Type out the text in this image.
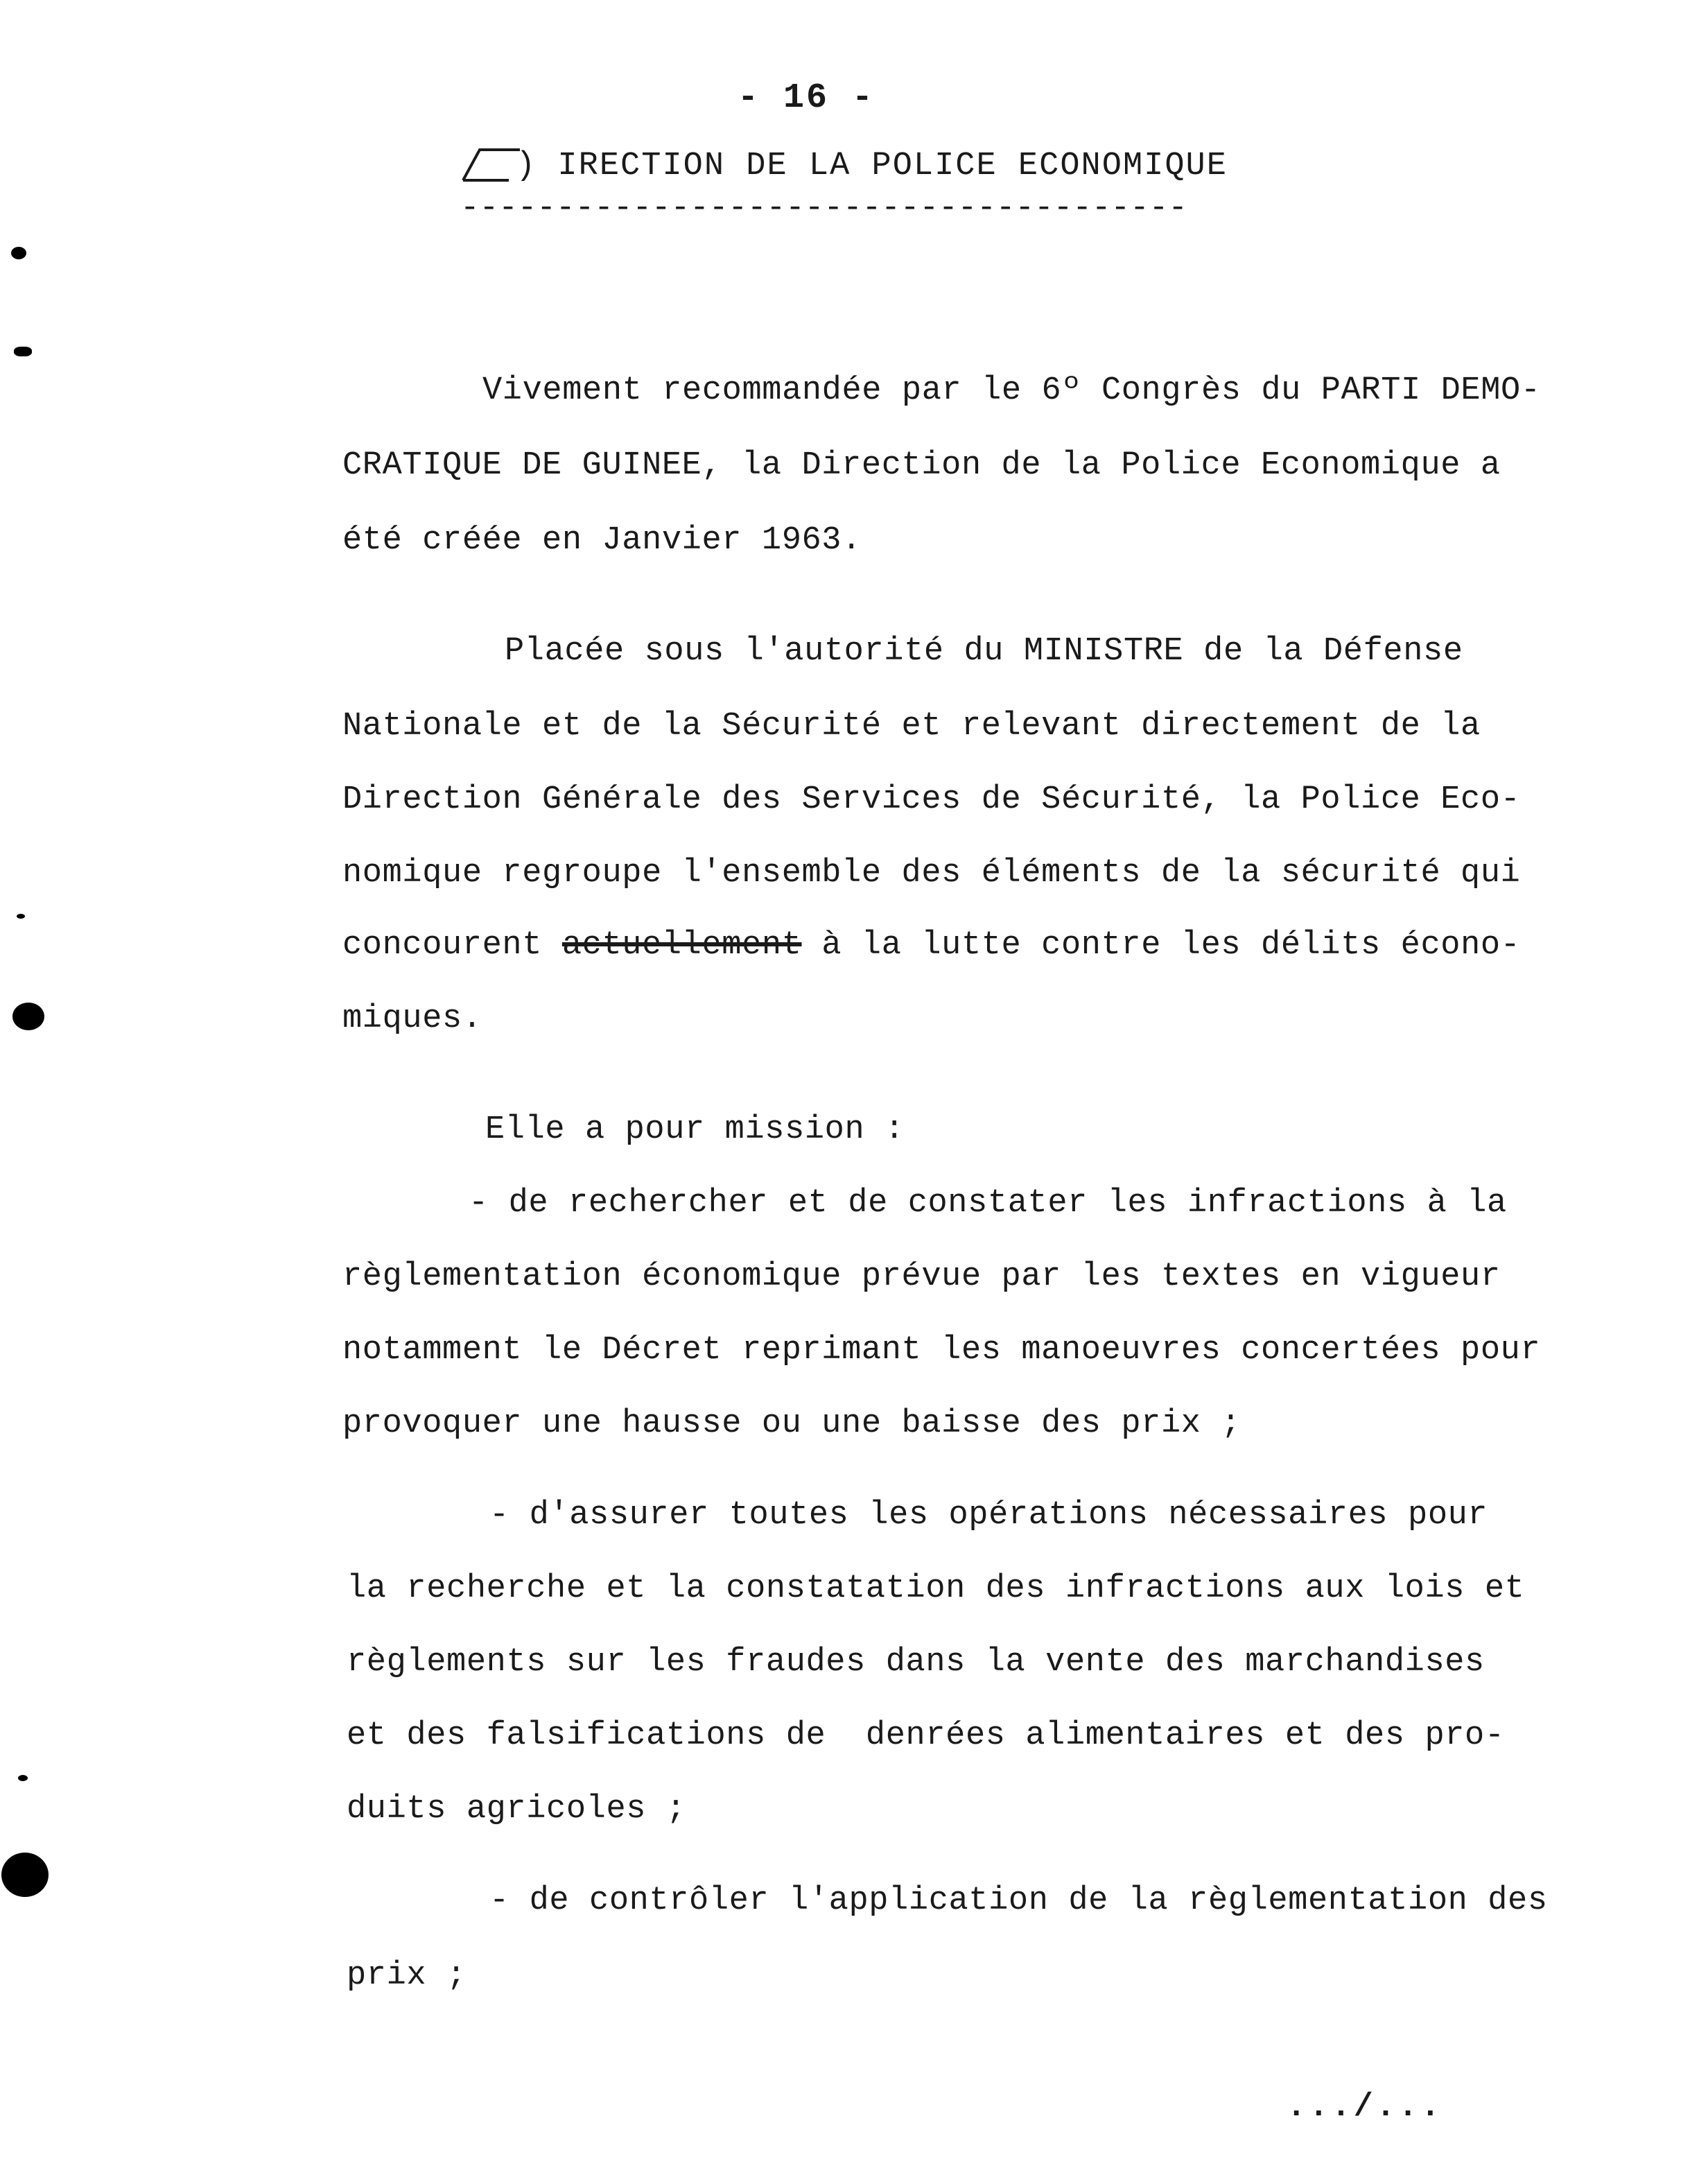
- 16 -
) IRECTION DE LA POLICE ECONOMIQUE
--------------------------------------
Vivement recommandée par le 6º Congrès du PARTI DEMO-
CRATIQUE DE GUINEE, la Direction de la Police Economique a
été créée en Janvier 1963.
Placée sous l'autorité du MINISTRE de la Défense
Nationale et de la Sécurité et relevant directement de la
Direction Générale des Services de Sécurité, la Police Eco-
nomique regroupe l'ensemble des éléments de la sécurité qui
concourent actuellement à la lutte contre les délits écono-
miques.
Elle a pour mission :
- de rechercher et de constater les infractions à la
règlementation économique prévue par les textes en vigueur
notamment le Décret reprimant les manoeuvres concertées pour
provoquer une hausse ou une baisse des prix ;
- d'assurer toutes les opérations nécessaires pour
la recherche et la constatation des infractions aux lois et
règlements sur les fraudes dans la vente des marchandises
et des falsifications de  denrées alimentaires et des pro-
duits agricoles ;
- de contrôler l'application de la règlementation des
prix ;
.../...
